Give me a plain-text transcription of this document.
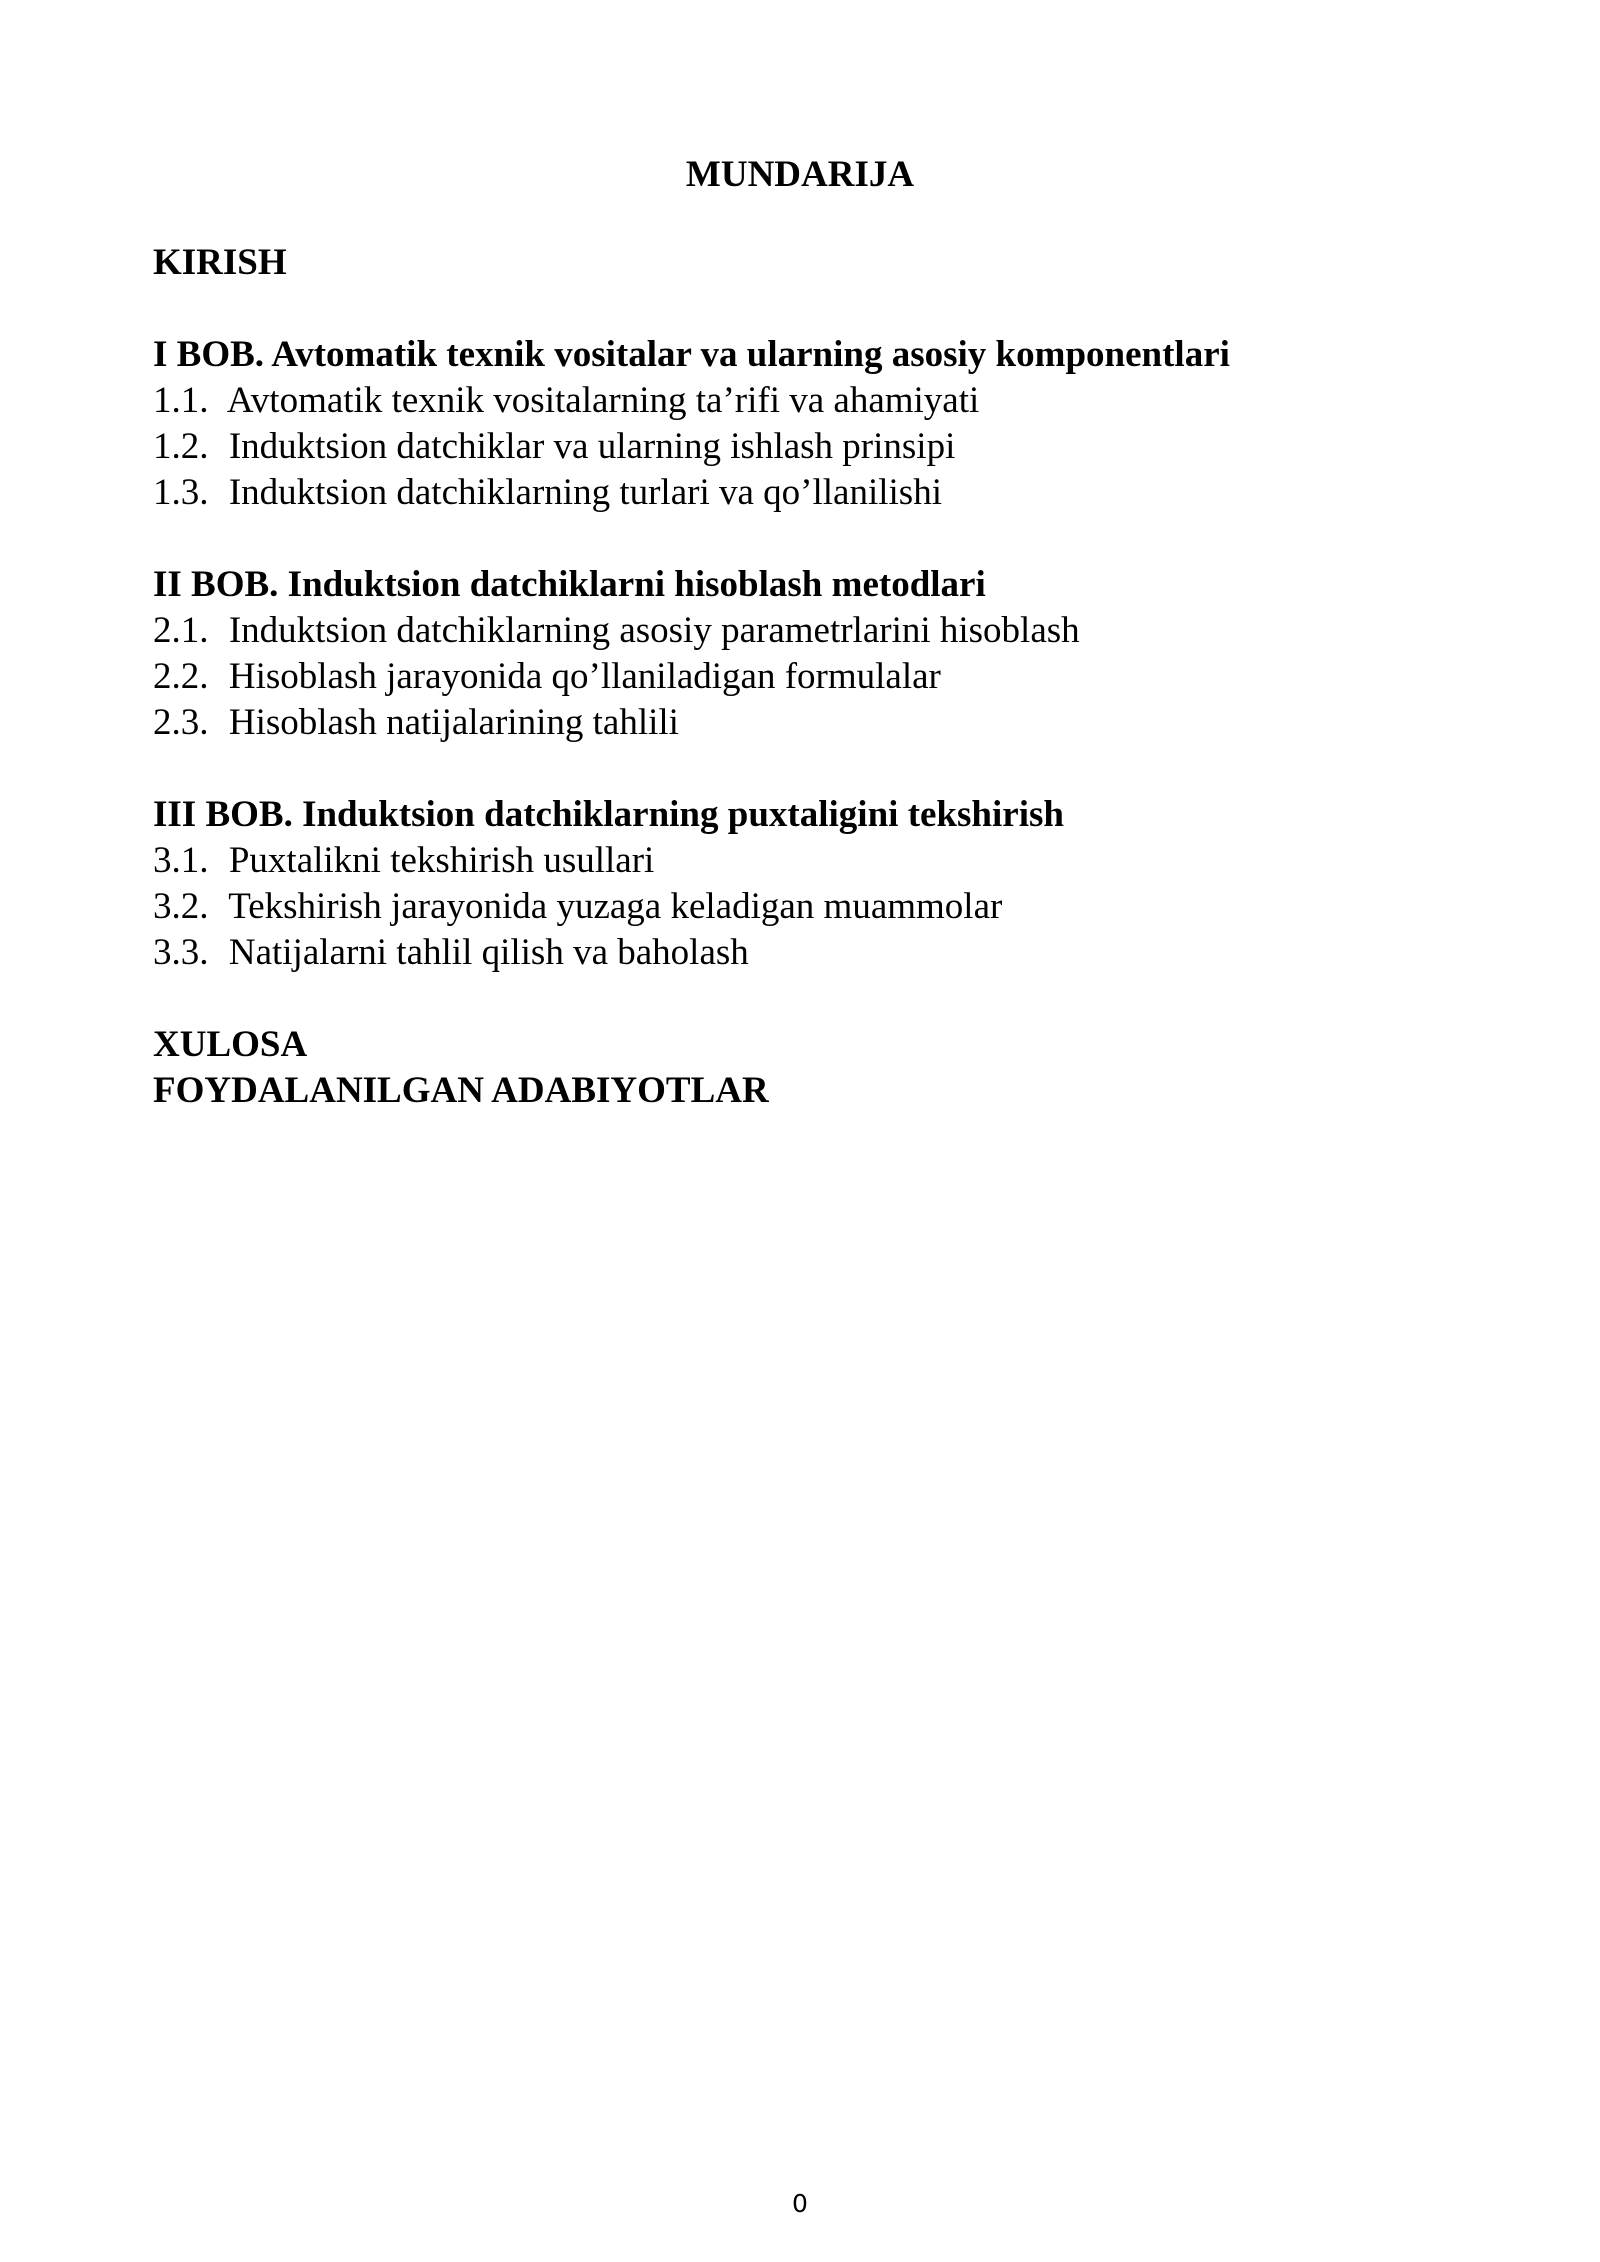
MUNDARIJA
KIRISH
I BOB. Avtomatik texnik vositalar va ularning asosiy komponentlari
1.1. Avtomatik texnik vositalarning ta’rifi va ahamiyati
1.2. Induktsion datchiklar va ularning ishlash prinsipi
1.3. Induktsion datchiklarning turlari va qo’llanilishi
II BOB. Induktsion datchiklarni hisoblash metodlari
2.1. Induktsion datchiklarning asosiy parametrlarini hisoblash
2.2. Hisoblash jarayonida qo’llaniladigan formulalar
2.3. Hisoblash natijalarining tahlili
III BOB. Induktsion datchiklarning puxtaligini tekshirish
3.1. Puxtalikni tekshirish usullari
3.2. Tekshirish jarayonida yuzaga keladigan muammolar
3.3. Natijalarni tahlil qilish va baholash
XULOSA
FOYDALANILGAN ADABIYOTLAR
0
